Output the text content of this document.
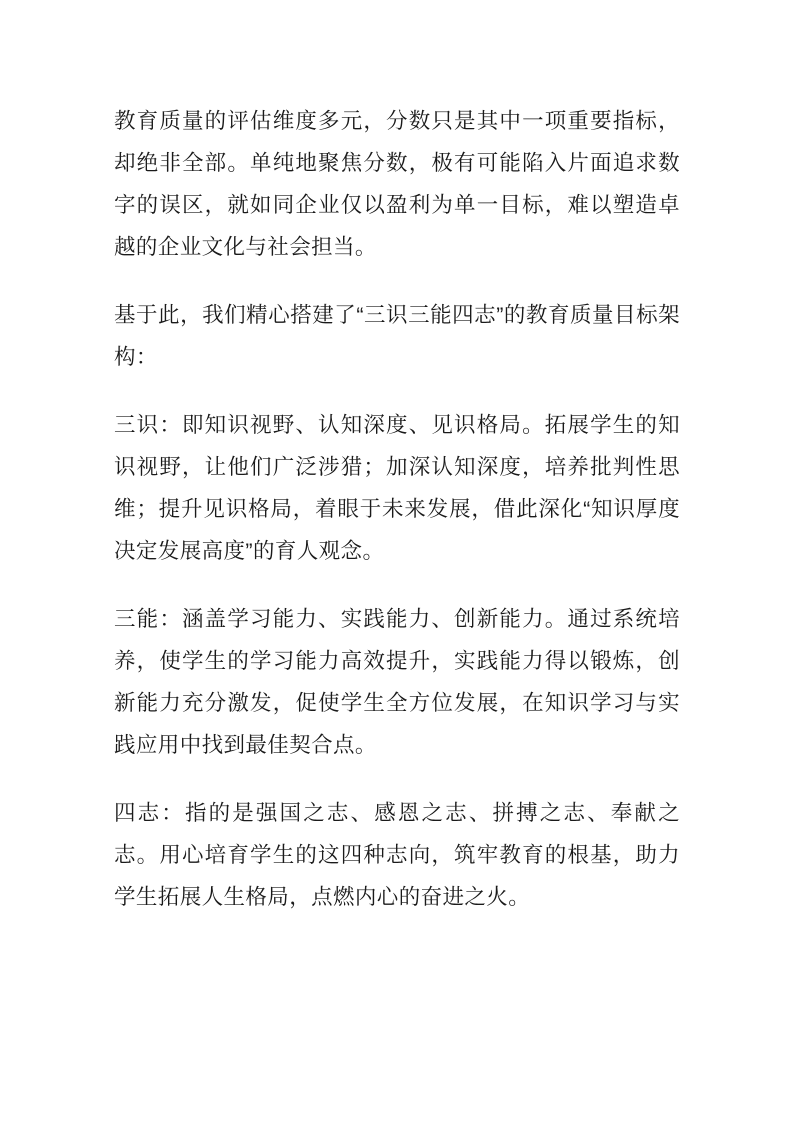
教育质量的评估维度多元，分数只是其中一项重要指标，却绝非全部。单纯地聚焦分数，极有可能陷入片面追求数字的误区，就如同企业仅以盈利为单一目标，难以塑造卓越的企业文化与社会担当。

基于此，我们精心搭建了“三识三能四志”的教育质量目标架构：

三识：即知识视野、认知深度、见识格局。拓展学生的知识视野，让他们广泛涉猎；加深认知深度，培养批判性思维；提升见识格局，着眼于未来发展，借此深化“知识厚度决定发展高度”的育人观念。

三能：涵盖学习能力、实践能力、创新能力。通过系统培养，使学生的学习能力高效提升，实践能力得以锻炼，创新能力充分激发，促使学生全方位发展，在知识学习与实践应用中找到最佳契合点。

四志：指的是强国之志、感恩之志、拼搏之志、奉献之志。用心培育学生的这四种志向，筑牢教育的根基，助力学生拓展人生格局，点燃内心的奋进之火。
